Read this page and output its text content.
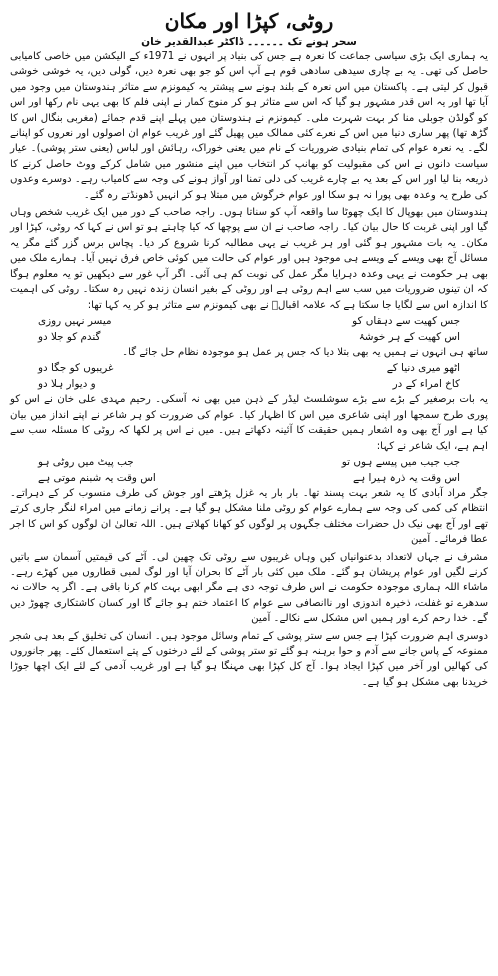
روٹی، کپڑا اور مکان
سحر ہونے تک ۔۔۔۔۔۔ ڈاکٹر عبدالقدیر خان

یہ ہماری ایک بڑی سیاسی جماعت کا نعرہ ہے جس کی بنیاد پر انہوں نے 1971ء کے الیکشن میں خاصی کامیابی حاصل کی تھی۔ یہ بے چاری سیدھی سادھی قوم ہے آپ اس کو جو بھی نعرہ دیں، گولی دیں، یہ خوشی خوشی قبول کر لیتی ہے۔ پاکستان میں اس نعرہ کے بلند ہونے سے پیشتر یہ کیمونزم سے متاثر ہندوستان میں وجود میں آیا تھا اور یہ اس قدر مشہور ہو گیا کہ اس سے متاثر ہو کر منوج کمار نے اپنی فلم کا بھی یہی نام رکھا اور اس کو گولڈن جوبلی منا کر بہت شہرت ملی۔ کیمونزم نے ہندوستان میں پہلے اپنے قدم جمائے (مغربی بنگال اس کا گڑھ تھا) پھر ساری دنیا میں اس کے نعرے کئی ممالک میں پھیل گئے اور غریب عوام ان اصولوں اور نعروں کو اپنانے لگے۔ یہ نعرہ عوام کی تمام بنیادی ضروریات کے نام میں یعنی خوراک، رہائش اور لباس (یعنی ستر پوشی)۔ عیار سیاست دانوں نے اس کی مقبولیت کو بھانپ کر انتخاب میں اپنے منشور میں شامل کرکے ووٹ حاصل کرنے کا ذریعہ بنا لیا اور اس کے بعد یہ بے چارے غریب کی دلی تمنا اور آواز ہونے کی وجہ سے کامیاب رہے۔ دوسرے وعدوں کی طرح یہ وعدہ بھی پورا نہ ہو سکا اور عوام خرگوش میں مبتلا ہو کر انہیں ڈھونڈتے رہ گئے۔

ہندوستان میں بھوپال کا ایک چھوٹا سا واقعہ آپ کو سناتا ہوں۔ راجہ صاحب کے دور میں ایک غریب شخص وہاں گیا اور اپنی غربت کا حال بیان کیا۔ راجہ صاحب نے ان سے پوچھا کہ کیا چاہتے ہو تو اس نے کہا کہ روٹی، کپڑا اور مکان۔ یہ بات مشہور ہو گئی اور ہر غریب نے یہی مطالبہ کرنا شروع کر دیا۔ پچاس برس گزر گئے مگر یہ مسائل آج بھی ویسے کے ویسے ہی موجود ہیں اور عوام کی حالت میں کوئی خاص فرق نہیں آیا۔ ہمارے ملک میں بھی ہر حکومت نے یہی وعدہ دہرایا مگر عمل کی نوبت کم ہی آئی۔ اگر آپ غور سے دیکھیں تو یہ معلوم ہوگا کہ ان تینوں ضروریات میں سب سے اہم روٹی ہے اور روٹی کے بغیر انسان زندہ نہیں رہ سکتا۔ روٹی کی اہمیت کا اندازہ اس سے لگایا جا سکتا ہے کہ علامہ اقبالؒ نے بھی کیمونزم سے متاثر ہو کر یہ کہا تھا:

جس کھیت سے دہقاں کو
میسر نہیں روزی
اس کھیت کے ہر خوشۂ
گندم کو جلا دو

ساتھ ہی انہوں نے ہمیں یہ بھی بتلا دیا کہ جس پر عمل ہو موجودہ نظام حل جائے گا۔

اٹھو میری دنیا کے
غریبوں کو جگا دو
کاخ امراء کے در
و دیوار ہلا دو

یہ بات برصغیر کے بڑے سے بڑے سوشلسٹ لیڈر کے ذہن میں بھی نہ آسکی۔ رحیم مہدی علی خان نے اس کو پوری طرح سمجھا اور اپنی شاعری میں اس کا اظہار کیا۔ عوام کی ضرورت کو ہر شاعر نے اپنے انداز میں بیان کیا ہے اور آج بھی وہ اشعار ہمیں حقیقت کا آئینہ دکھاتے ہیں۔ میں نے اس پر لکھا کہ روٹی کا مسئلہ سب سے اہم ہے، ایک شاعر نے کہا:

جب جیب میں پیسے ہوں تو
جب پیٹ میں روٹی ہو
اس وقت یہ ذرہ ہیرا ہے
اس وقت یہ شبنم موتی ہے

جگر مراد آبادی کا یہ شعر بہت پسند تھا۔ بار بار یہ غزل پڑھتے اور جوش کی طرف منسوب کر کے دہراتے۔ انتظام کی کمی کی وجہ سے ہمارے عوام کو روٹی ملنا مشکل ہو گیا ہے۔ پرانے زمانے میں امراء لنگر جاری کرتے تھے اور آج بھی نیک دل حضرات مختلف جگہوں پر لوگوں کو کھانا کھلاتے ہیں۔ اللہ تعالیٰ ان لوگوں کو اس کا اجر عطا فرمائے۔ آمین

مشرف نے جہاں لاتعداد بدعنوانیاں کیں وہاں غریبوں سے روٹی تک چھین لی۔ آٹے کی قیمتیں آسمان سے باتیں کرنے لگیں اور عوام پریشان ہو گئے۔ ملک میں کئی بار آٹے کا بحران آیا اور لوگ لمبی قطاروں میں کھڑے رہے۔ ماشاء اللہ ہماری موجودہ حکومت نے اس طرف توجہ دی ہے مگر ابھی بہت کام کرنا باقی ہے۔ اگر یہ حالات نہ سدھرے تو غفلت، ذخیرہ اندوزی اور ناانصافی سے عوام کا اعتماد ختم ہو جائے گا اور کسان کاشتکاری چھوڑ دیں گے۔ خدا رحم کرے اور ہمیں اس مشکل سے نکالے۔ آمین

دوسری اہم ضرورت کپڑا ہے جس سے ستر پوشی کے تمام وسائل موجود ہیں۔ انسان کی تخلیق کے بعد ہی شجر ممنوعہ کے پاس جانے سے آدم و حوا برہنہ ہو گئے تو ستر پوشی کے لئے درختوں کے پتے استعمال کئے۔ پھر جانوروں کی کھالیں اور آخر میں کپڑا ایجاد ہوا۔ آج کل کپڑا بھی مہنگا ہو گیا ہے اور غریب آدمی کے لئے ایک اچھا جوڑا خریدنا بھی مشکل ہو گیا ہے۔
